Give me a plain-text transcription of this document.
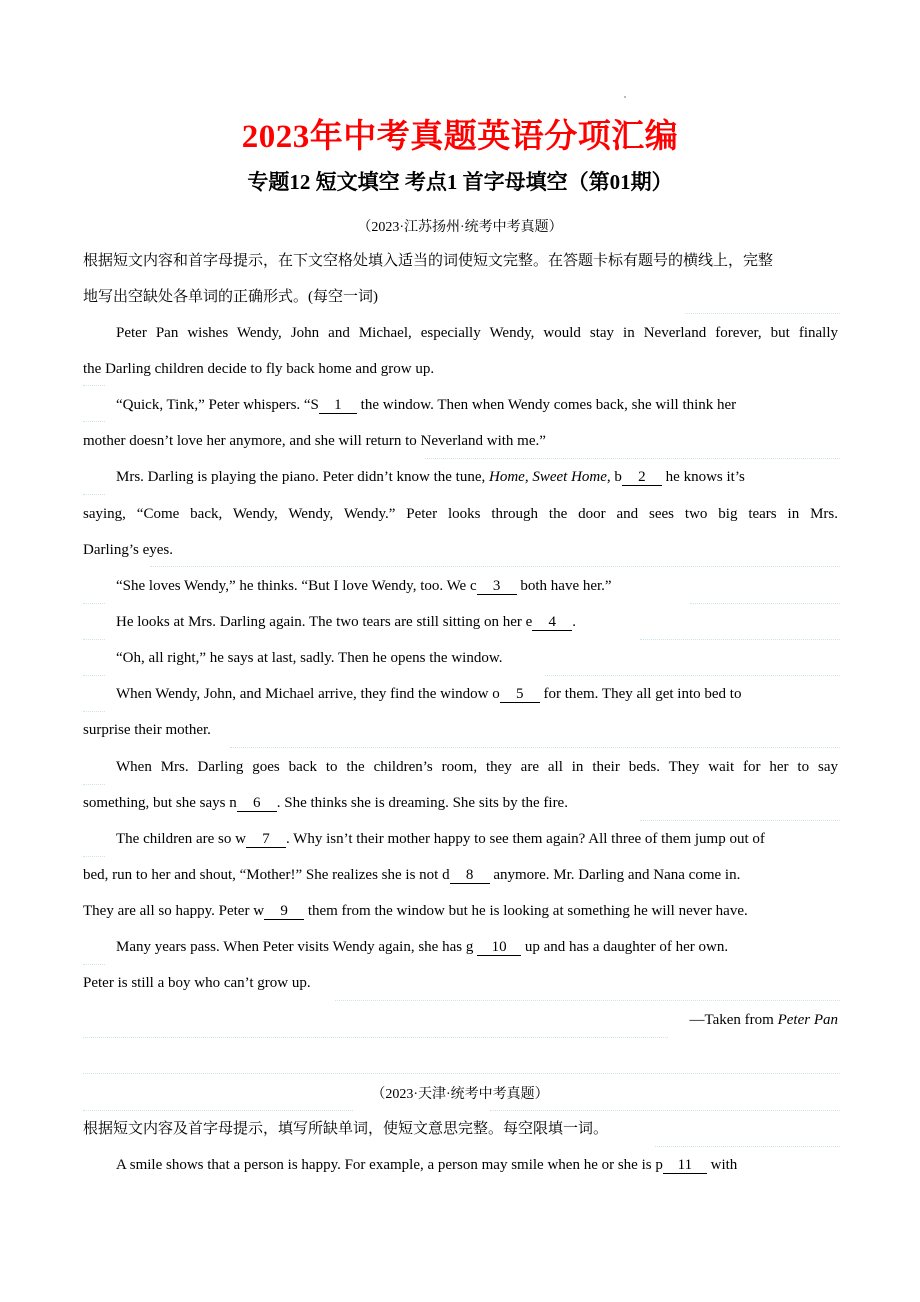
2023年中考真题英语分项汇编
专题12 短文填空 考点1 首字母填空（第01期）
（2023·江苏扬州·统考中考真题）
根据短文内容和首字母提示，在下文空格处填入适当的词使短文完整。在答题卡标有题号的横线上，完整
地写出空缺处各单词的正确形式。(每空一词)
Peter Pan wishes Wendy, John and Michael, especially Wendy, would stay in Neverland forever, but finally
the Darling children decide to fly back home and grow up.
“Quick, Tink,” Peter whispers. “S 1 the window. Then when Wendy comes back, she will think her
mother doesn’t love her anymore, and she will return to Neverland with me.”
Mrs. Darling is playing the piano. Peter didn’t know the tune, Home, Sweet Home, b 2 he knows it’s
saying, “Come back, Wendy, Wendy, Wendy.” Peter looks through the door and sees two big tears in Mrs.
Darling’s eyes.
“She loves Wendy,” he thinks. “But I love Wendy, too. We c 3 both have her.”
He looks at Mrs. Darling again. The two tears are still sitting on her e 4 .
“Oh, all right,” he says at last, sadly. Then he opens the window.
When Wendy, John, and Michael arrive, they find the window o 5 for them. They all get into bed to
surprise their mother.
When Mrs. Darling goes back to the children’s room, they are all in their beds. They wait for her to say
something, but she says n 6 . She thinks she is dreaming. She sits by the fire.
The children are so w 7 . Why isn’t their mother happy to see them again? All three of them jump out of
bed, run to her and shout, “Mother!” She realizes she is not d 8 anymore. Mr. Darling and Nana come in.
They are all so happy. Peter w 9 them from the window but he is looking at something he will never have.
Many years pass. When Peter visits Wendy again, she has g 10 up and has a daughter of her own.
Peter is still a boy who can’t grow up.
—Taken from Peter Pan
（2023·天津·统考中考真题）
根据短文内容及首字母提示，填写所缺单词，使短文意思完整。每空限填一词。
A smile shows that a person is happy. For example, a person may smile when he or she is p 11 with
